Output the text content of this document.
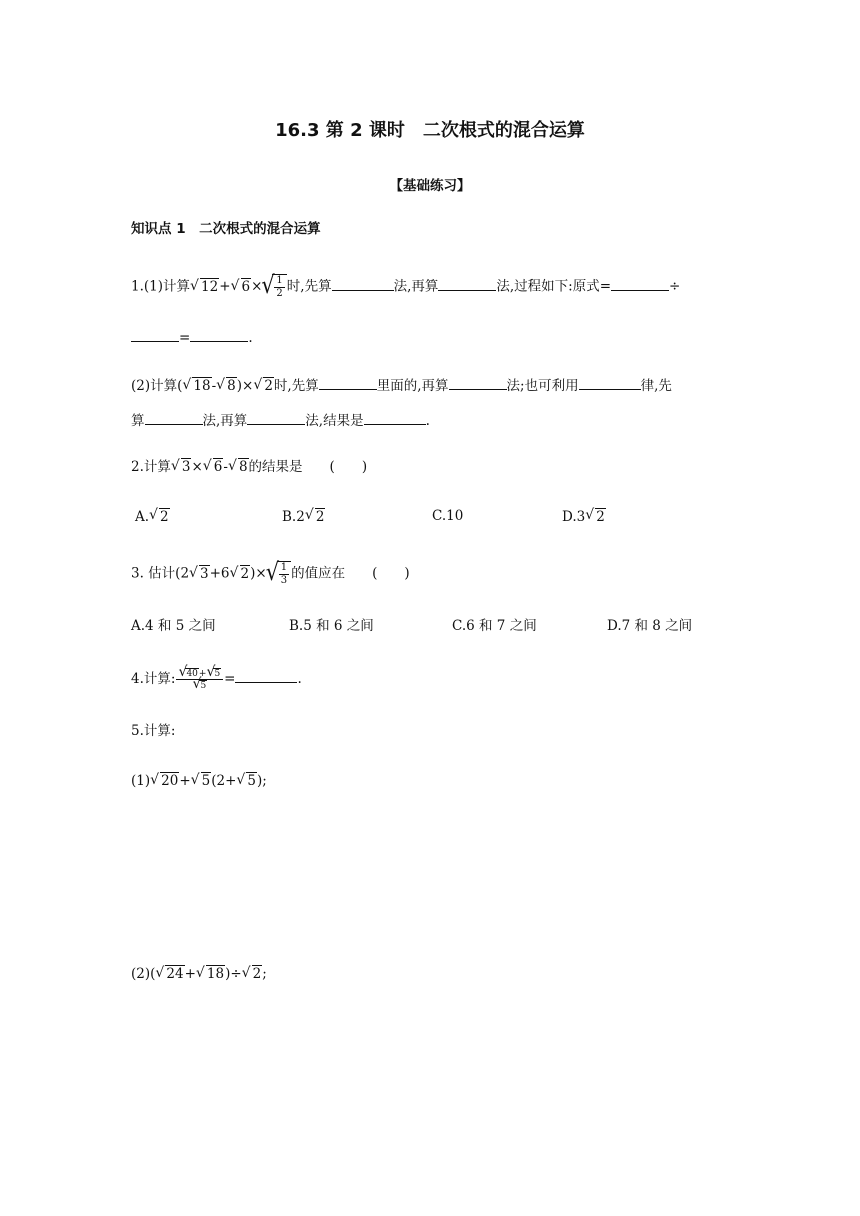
16.3 第 2 课时　二次根式的混合运算
【基础练习】
知识点 1　二次根式的混合运算
1.(1)计算 √ 12+ √ 6× √ $\frac{1}{2}$ 时,先算	法,再算	法,过程如下:原式=	÷
=	.
(2)计算( √ 18- √ 8)× √ 2时,先算	里面的,再算	法;也可利用	律,先
算	法,再算	法,结果是	.
2.计算 √ 3× √ 6- √ 8的结果是　　(　　)
A. √ 2	B.2 √ 2	C.10	D.3 √ 2
3. 估计(2 √ 3+6 √ 2)× √ $\frac{1}{3}$ 的值应在　　(　　)
A.4 和 5 之间	B.5 和 6 之间	C.6 和 7 之间	D.7 和 8 之间
4.计算: √ 40+ √ 5
√ 5 =	.
5.计算:
(1) √ 20+ √ 5(2+ √ 5);
(2)( √ 24+ √ 18)÷ √ 2;
